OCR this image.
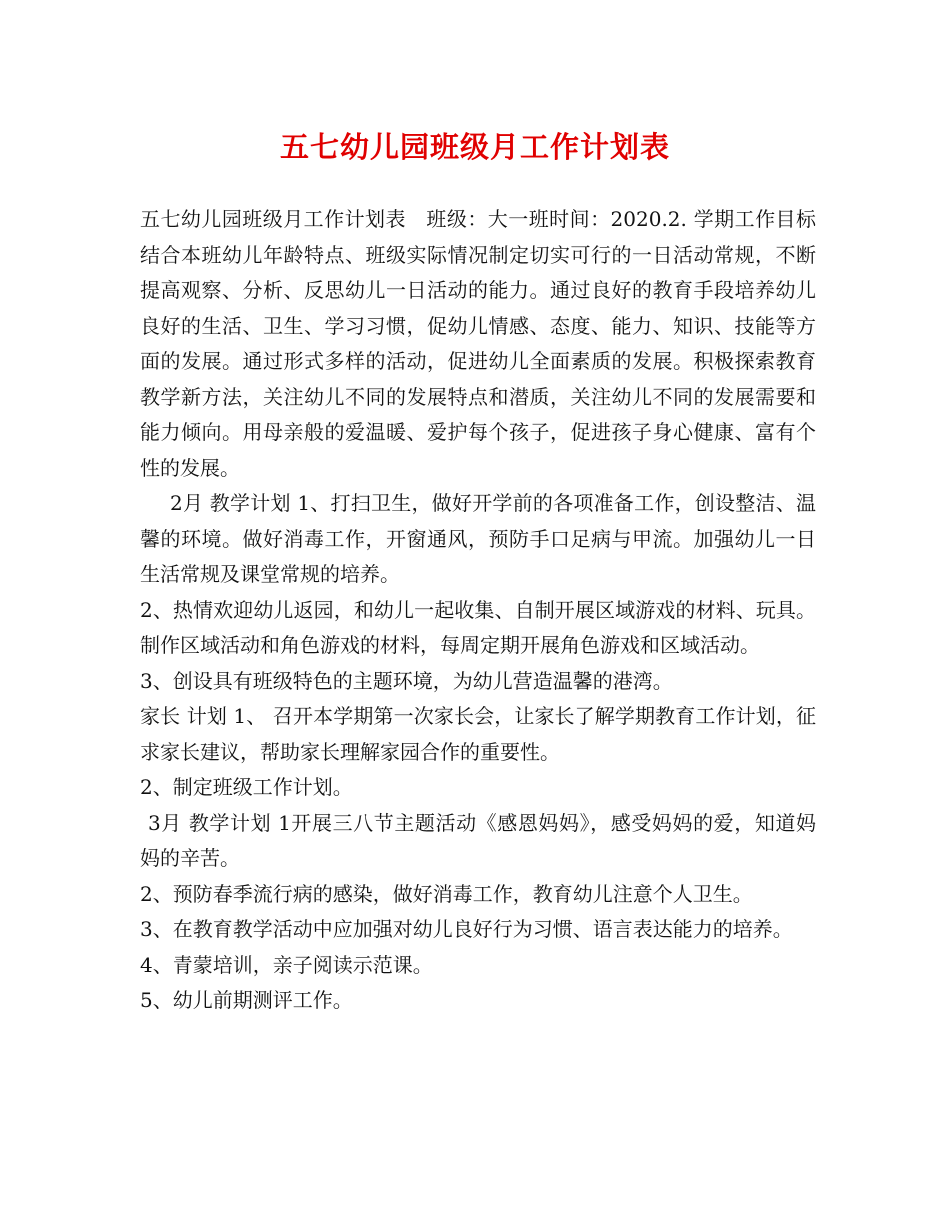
五七幼儿园班级月工作计划表

五七幼儿园班级月工作计划表　班级：大一班时间：2020.2. 学期工作目标 结合本班幼儿年龄特点、班级实际情况制定切实可行的一日活动常规，不断提高观察、分析、反思幼儿一日活动的能力。通过良好的教育手段培养幼儿良好的生活、卫生、学习习惯，促幼儿情感、态度、能力、知识、技能等方面的发展。通过形式多样的活动，促进幼儿全面素质的发展。积极探索教育教学新方法，关注幼儿不同的发展特点和潜质，关注幼儿不同的发展需要和能力倾向。用母亲般的爱温暖、爱护每个孩子，促进孩子身心健康、富有个性的发展。

2月 教学计划 1、打扫卫生，做好开学前的各项准备工作，创设整洁、温馨的环境。做好消毒工作，开窗通风，预防手口足病与甲流。加强幼儿一日生活常规及课堂常规的培养。

2、热情欢迎幼儿返园，和幼儿一起收集、自制开展区域游戏的材料、玩具。制作区域活动和角色游戏的材料，每周定期开展角色游戏和区域活动。

3、创设具有班级特色的主题环境，为幼儿营造温馨的港湾。

家长 计划 1、 召开本学期第一次家长会，让家长了解学期教育工作计划，征求家长建议，帮助家长理解家园合作的重要性。

2、制定班级工作计划。

3月 教学计划 1开展三八节主题活动《感恩妈妈》，感受妈妈的爱，知道妈妈的辛苦。

2、预防春季流行病的感染，做好消毒工作，教育幼儿注意个人卫生。

3、在教育教学活动中应加强对幼儿良好行为习惯、语言表达能力的培养。

4、青蒙培训，亲子阅读示范课。

5、幼儿前期测评工作。
